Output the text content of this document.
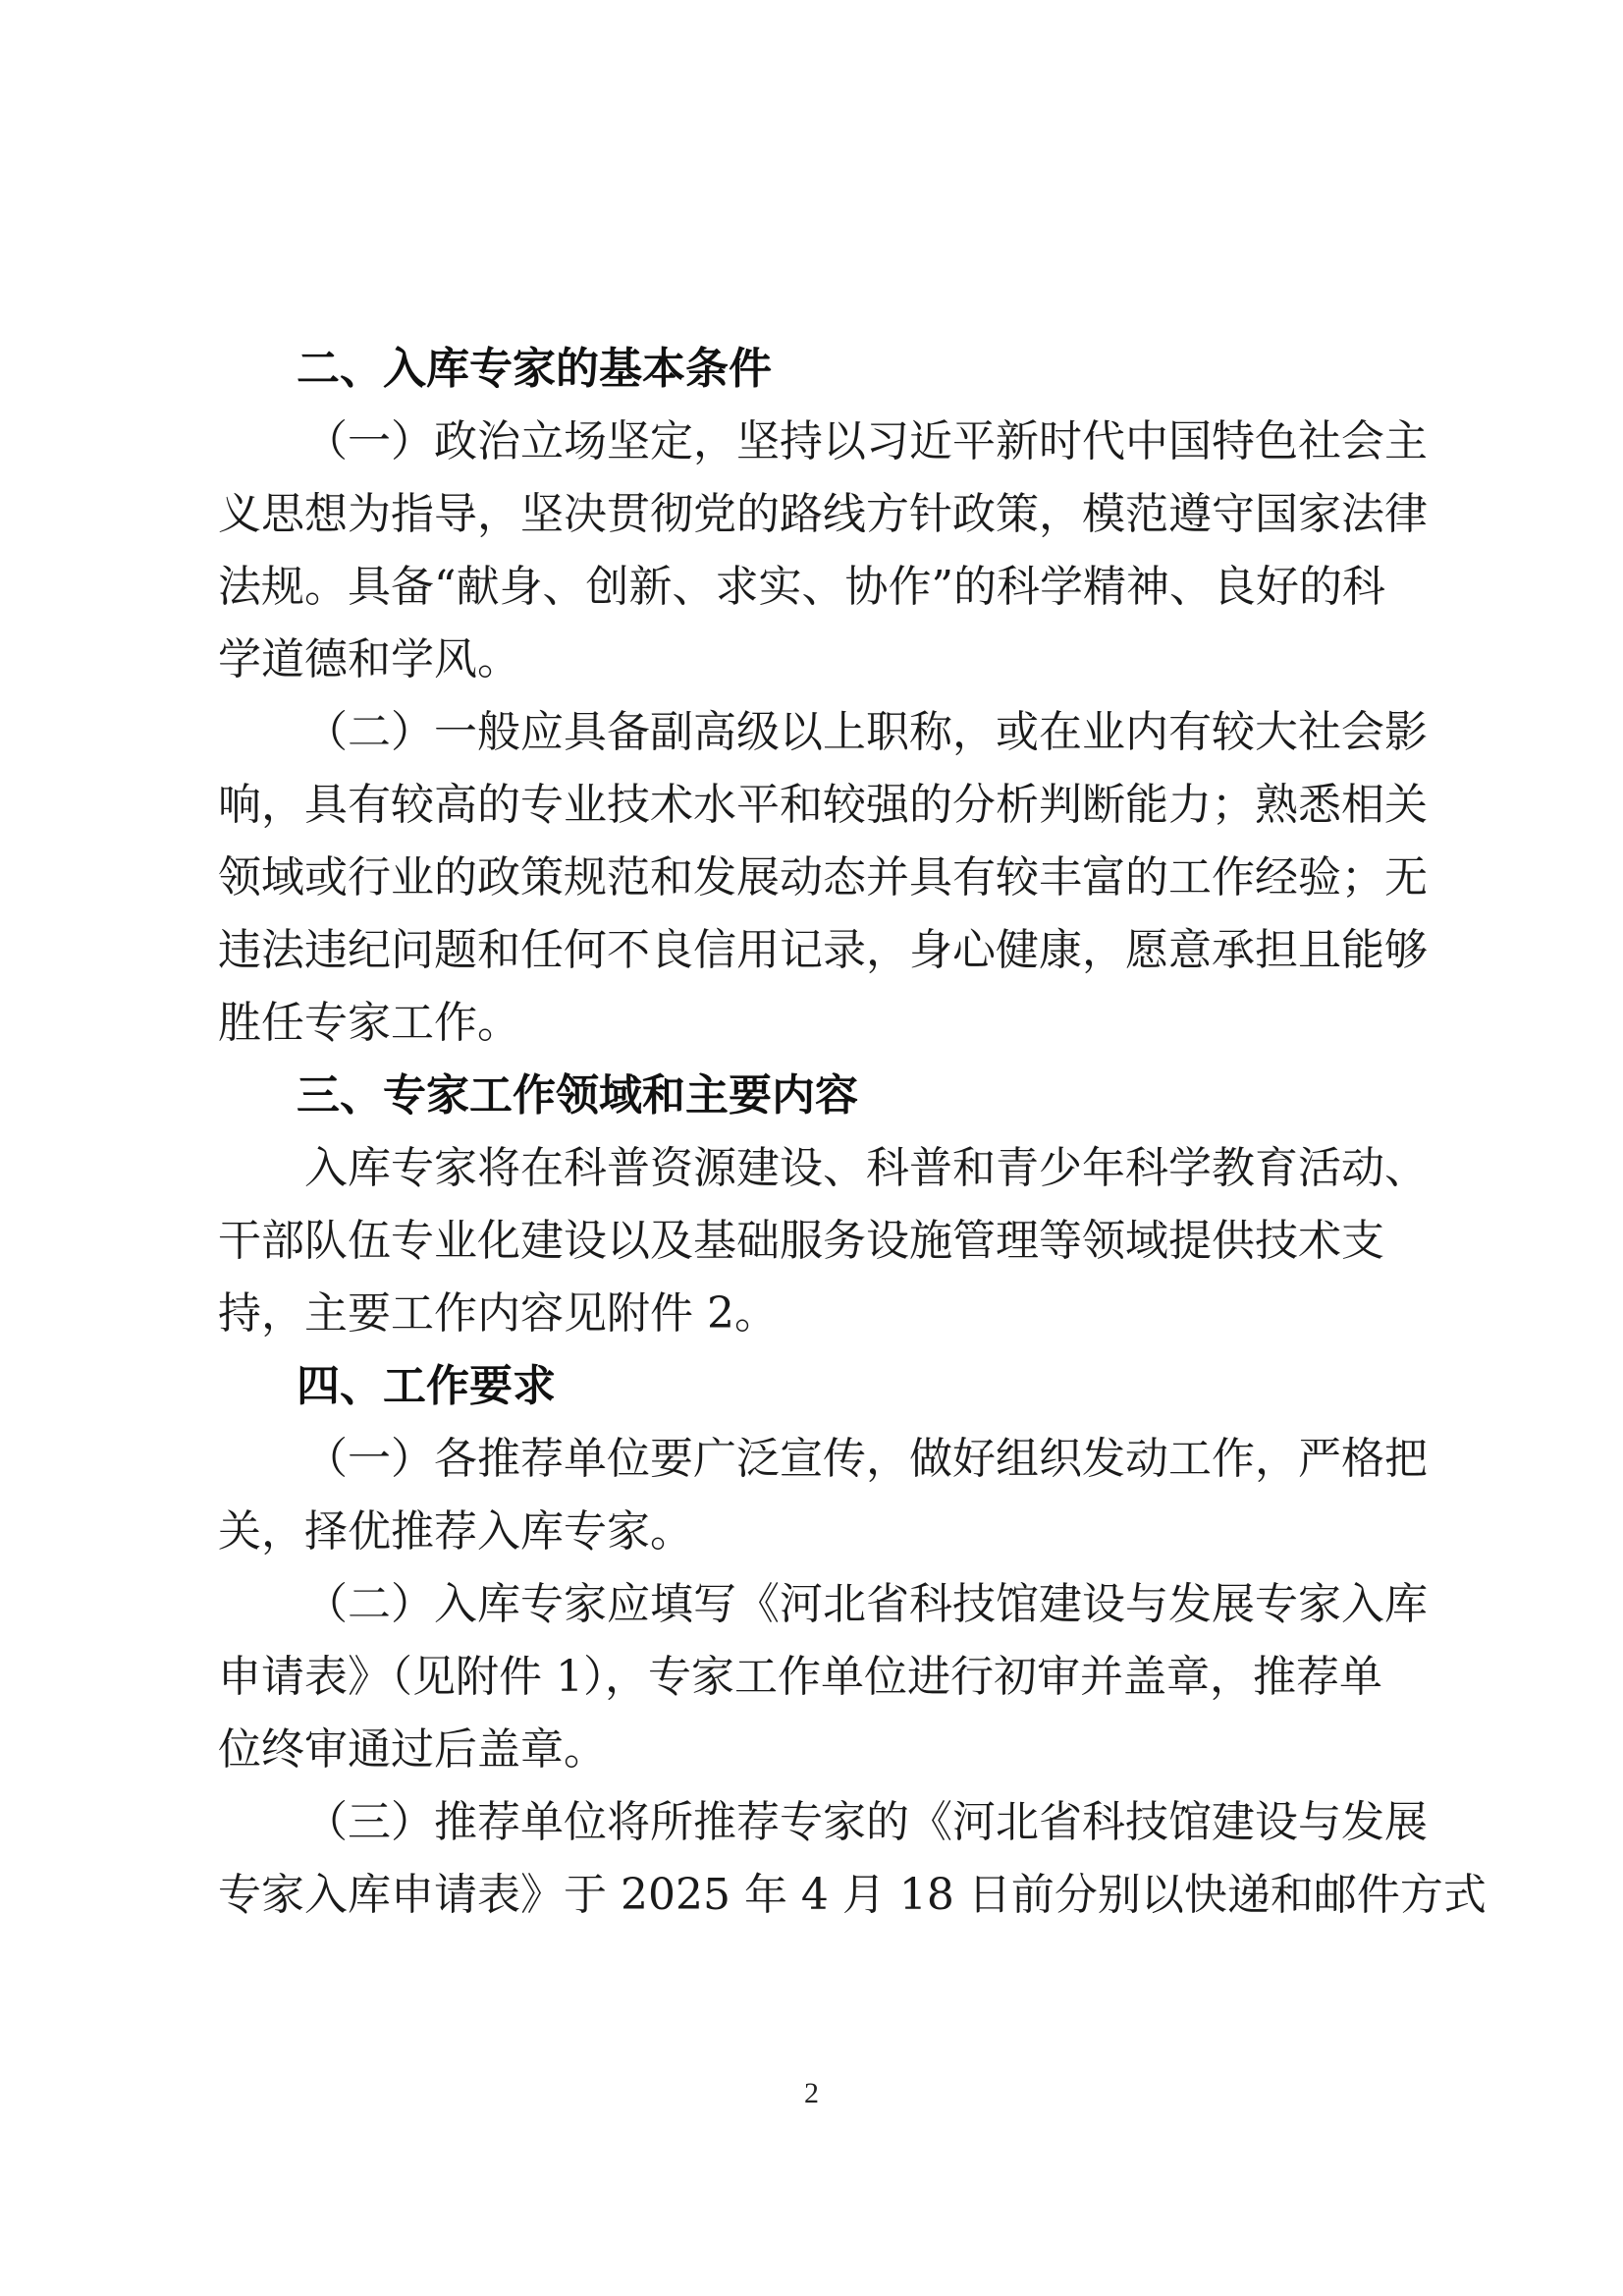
二、入库专家的基本条件
（一）政治立场坚定，坚持以习近平新时代中国特色社会主
义思想为指导，坚决贯彻党的路线方针政策，模范遵守国家法律
法规。具备“献身、创新、求实、协作”的科学精神、良好的科
学道德和学风。
（二）一般应具备副高级以上职称，或在业内有较大社会影
响，具有较高的专业技术水平和较强的分析判断能力；熟悉相关
领域或行业的政策规范和发展动态并具有较丰富的工作经验；无
违法违纪问题和任何不良信用记录，身心健康，愿意承担且能够
胜任专家工作。
三、专家工作领域和主要内容
入库专家将在科普资源建设、科普和青少年科学教育活动、
干部队伍专业化建设以及基础服务设施管理等领域提供技术支
持，主要工作内容见附件 2。
四、工作要求
（一）各推荐单位要广泛宣传，做好组织发动工作，严格把
关，择优推荐入库专家。
（二）入库专家应填写《河北省科技馆建设与发展专家入库
申请表》（见附件 1），专家工作单位进行初审并盖章，推荐单
位终审通过后盖章。
（三）推荐单位将所推荐专家的《河北省科技馆建设与发展
专家入库申请表》于 2025 年 4 月 18 日前分别以快递和邮件方式
2
